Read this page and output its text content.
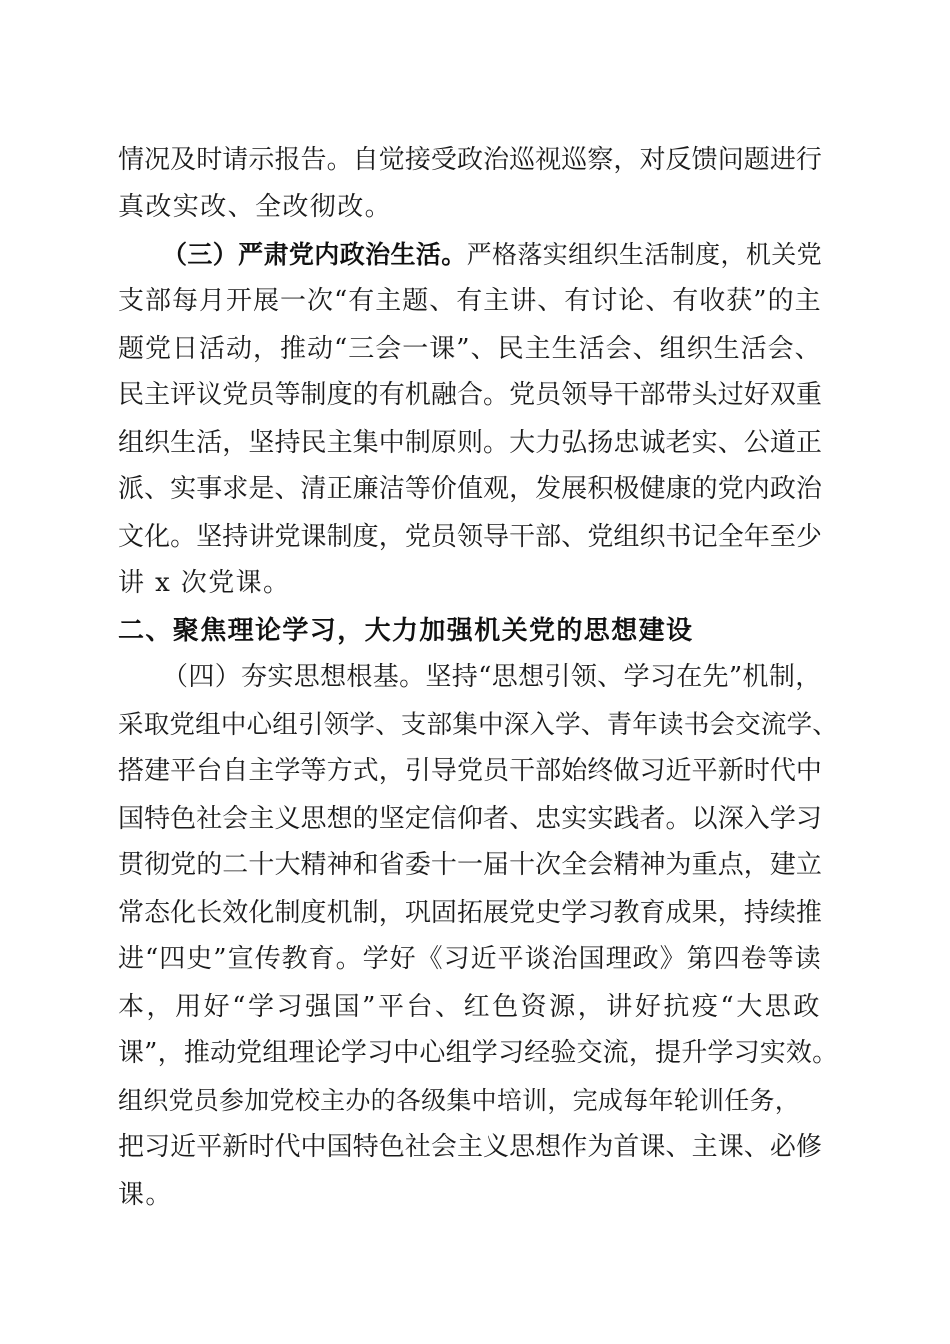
情况及时请示报告。自觉接受政治巡视巡察，对反馈问题进行
真改实改、全改彻改。
（三）严肃党内政治生活。严格落实组织生活制度，机关党
支部每月开展一次“有主题、有主讲、有讨论、有收获”的主
题党日活动，推动“三会一课”、民主生活会、组织生活会、
民主评议党员等制度的有机融合。党员领导干部带头过好双重
组织生活，坚持民主集中制原则。大力弘扬忠诚老实、公道正
派、实事求是、清正廉洁等价值观，发展积极健康的党内政治
文化。坚持讲党课制度，党员领导干部、党组织书记全年至少
讲 x 次党课。
二、聚焦理论学习，大力加强机关党的思想建设
（四）夯实思想根基。坚持“思想引领、学习在先”机制，
采取党组中心组引领学、支部集中深入学、青年读书会交流学、
搭建平台自主学等方式，引导党员干部始终做习近平新时代中
国特色社会主义思想的坚定信仰者、忠实实践者。以深入学习
贯彻党的二十大精神和省委十一届十次全会精神为重点，建立
常态化长效化制度机制，巩固拓展党史学习教育成果，持续推
进“四史”宣传教育。学好《习近平谈治国理政》第四卷等读
本，用好“学习强国”平台、红色资源，讲好抗疫“大思政
课”，推动党组理论学习中心组学习经验交流，提升学习实效。
组织党员参加党校主办的各级集中培训，完成每年轮训任务，
把习近平新时代中国特色社会主义思想作为首课、主课、必修
课。
